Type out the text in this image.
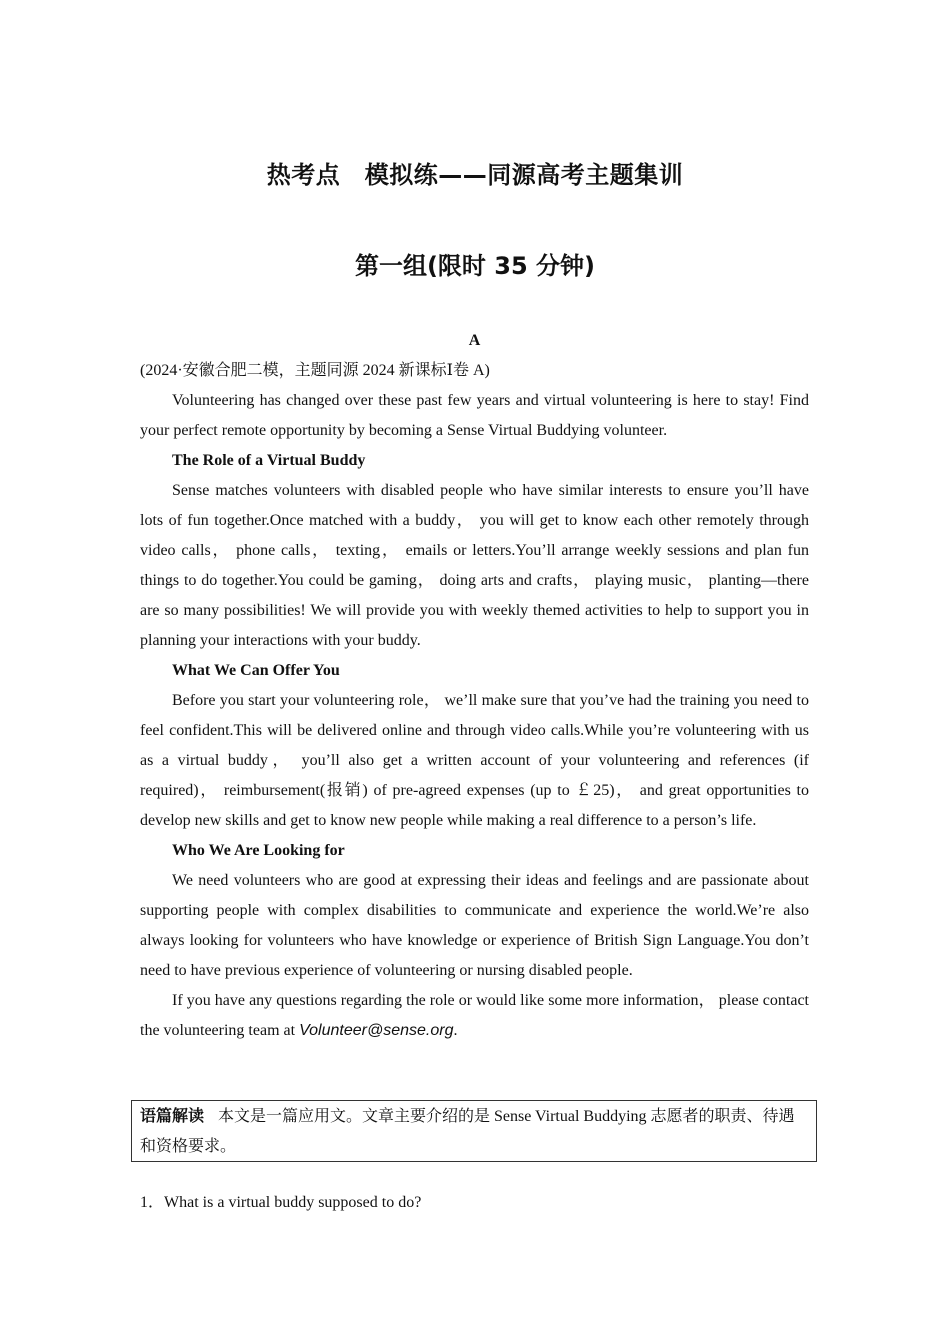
热考点　模拟练——同源高考主题集训
第一组(限时 35 分钟)
A
(2024·安徽合肥二模，主题同源 2024 新课标Ⅰ卷 A)

Volunteering has changed over these past few years and virtual volunteering is here to stay! Find your perfect remote opportunity by becoming a Sense Virtual Buddying volunteer.

The Role of a Virtual Buddy

Sense matches volunteers with disabled people who have similar interests to ensure you’ll have lots of fun together.Once matched with a buddy， you will get to know each other remotely through video calls， phone calls， texting， emails or letters.You’ll arrange weekly sessions and plan fun things to do together.You could be gaming， doing arts and crafts， playing music， planting—there are so many possibilities! We will provide you with weekly themed activities to help to support you in planning your interactions with your buddy.

What We Can Offer You

Before you start your volunteering role， we’ll make sure that you’ve had the training you need to feel confident.This will be delivered online and through video calls.While you’re volunteering with us as a virtual buddy， you’ll also get a written account of your volunteering and references (if required)， reimbursement(报销) of pre-agreed expenses (up to ￡25)， and great opportunities to develop new skills and get to know new people while making a real difference to a person’s life.

Who We Are Looking for

We need volunteers who are good at expressing their ideas and feelings and are passionate about supporting people with complex disabilities to communicate and experience the world.We’re also always looking for volunteers who have knowledge or experience of British Sign Language.You don’t need to have previous experience of volunteering or nursing disabled people.

If you have any questions regarding the role or would like some more information， please contact the volunteering team at Volunteer@sense.org.

语篇解读 本文是一篇应用文。文章主要介绍的是 Sense Virtual Buddying 志愿者的职责、待遇和资格要求。
1．What is a virtual buddy supposed to do?
